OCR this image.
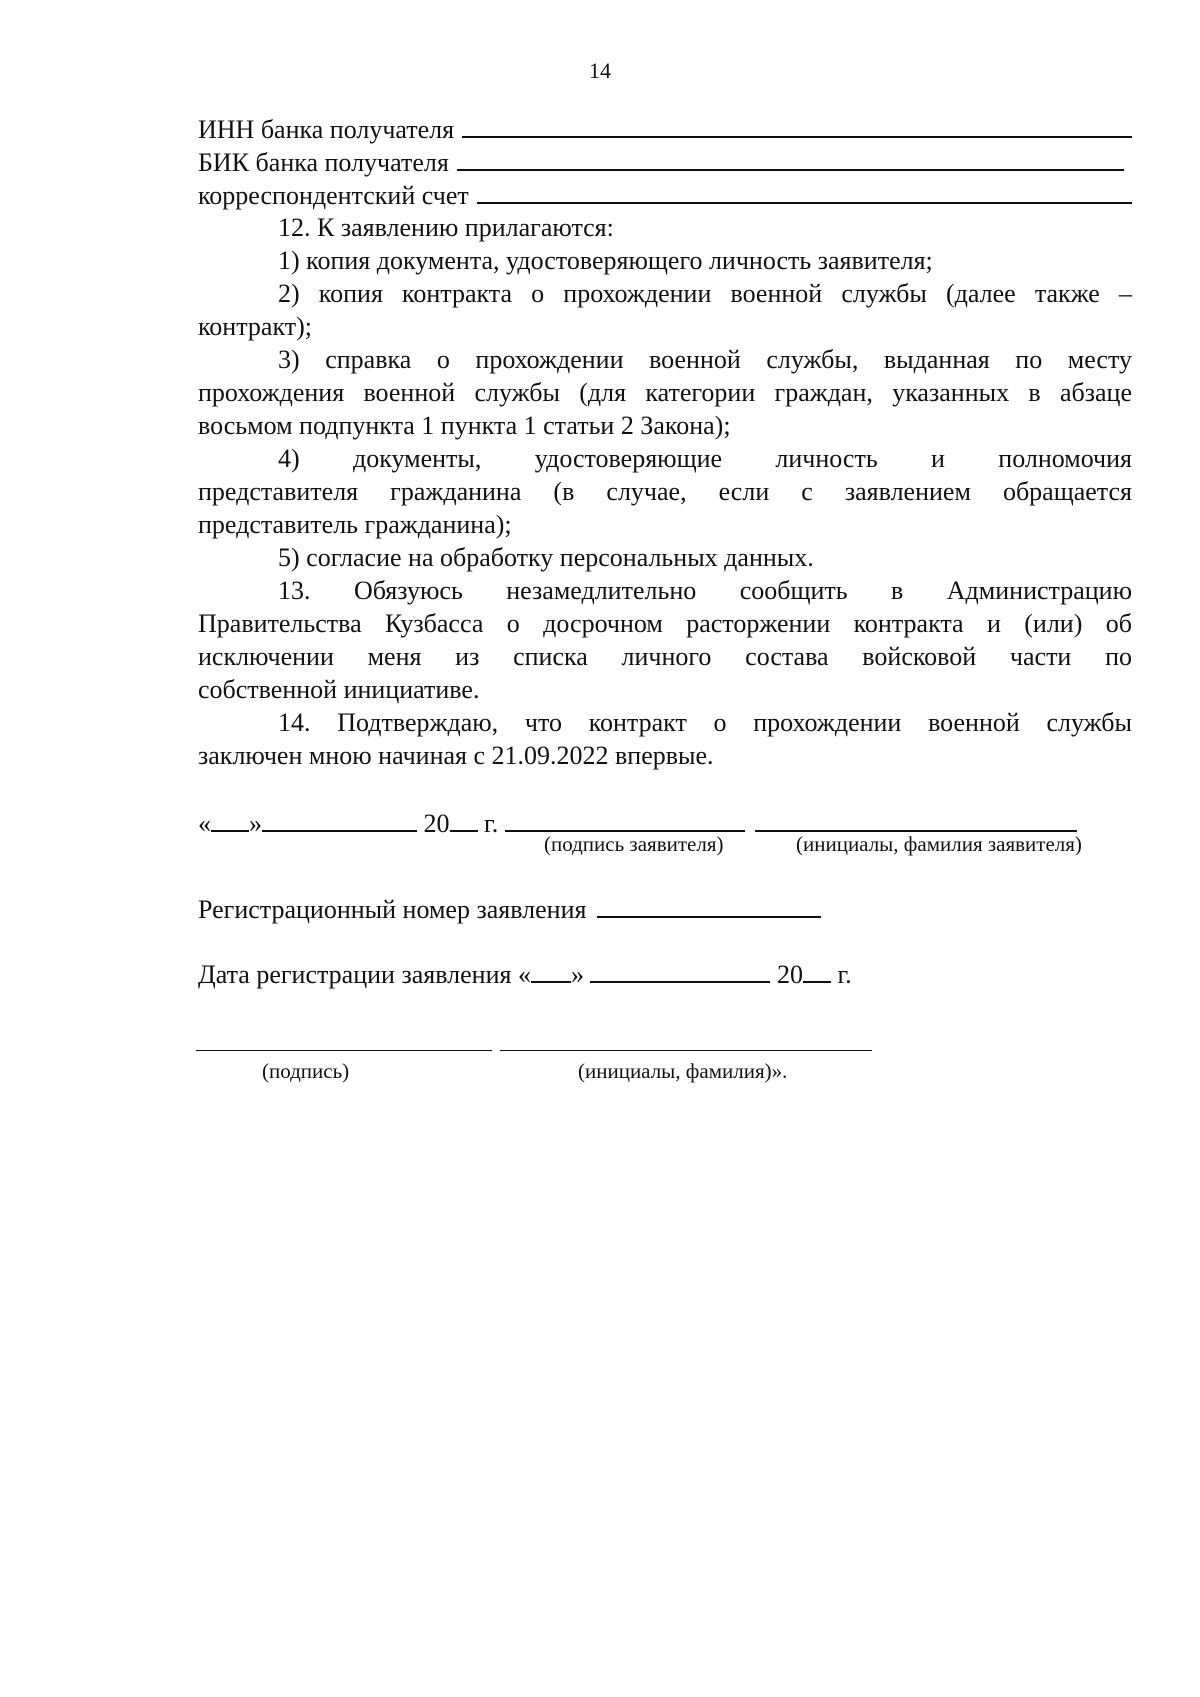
14
ИНН банка получателя
БИК банка получателя
корреспондентский счет
12. К заявлению прилагаются:
1) копия документа, удостоверяющего личность заявителя;
2) копия контракта о прохождении военной службы (далее также –
контракт);
3) справка о прохождении военной службы, выданная по месту
прохождения военной службы (для категории граждан, указанных в абзаце
восьмом подпункта 1 пункта 1 статьи 2 Закона);
4) документы, удостоверяющие личность и полномочия
представителя гражданина (в случае, если с заявлением обращается
представитель гражданина);
5) согласие на обработку персональных данных.
13. Обязуюсь незамедлительно сообщить в Администрацию
Правительства Кузбасса о досрочном расторжении контракта и (или) об
исключении меня из списка личного состава войсковой части по
собственной инициативе.
14. Подтверждаю, что контракт о прохождении военной службы
заключен мною начиная с 21.09.2022 впервые.
« »	20 г.
(подпись заявителя)	(инициалы, фамилия заявителя)
Регистрационный номер заявления
Дата регистрации заявления « »	20 г.
(подпись)	(инициалы, фамилия)».
